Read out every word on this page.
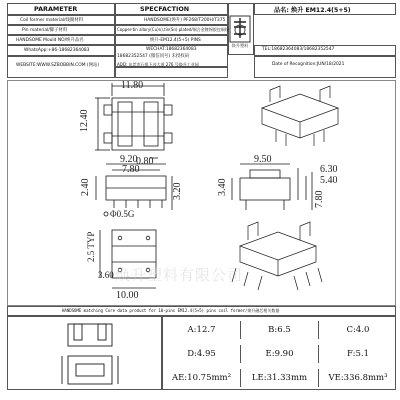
PARAMETER	SPECFACTION	品名: 焕升 EM12.4(5+5)
焕升塑料
Coil former material/线圈材料	HANDSOME(焕升) PF268/T200H/T375
Pin material/脚子材料	Copper-tin allory(Cu)n),tin(Sn) plated/铜合金镀锡银包铜线
HANDSOME Mould NO/焕升品名	焕升-EM12.4(5+5) PINS
WhatsApp:+86-18682364083	WECHAT:18682364083
18682352547 (微信同号) 未授权码
TEL:18682364083/18682352547
WEBSITE:WWW.SZBOBBIN.COM (网站)	ADD: 东莞市石排下沙大道 276 号焕升工业园	Date of Recognition:JUN/18/2021
11.80
12.40
0.80
9.20
7.80
2.40	3.20
Φ0.5G
9.50
3.40
6.30
5.40
7.80
2.5 TYP
3.60
10.00
焕升塑料有限公司
HANDSOME matching Core data product for 10-pins EM12.4(5+5) pins coil former/焕升磁芯相关数据
A:12.7	B:6.5	C:4.0
D:4.95	E:9.90	F:5.1
AE:10.75mm²	LE:31.33mm	VE:336.8mm³
